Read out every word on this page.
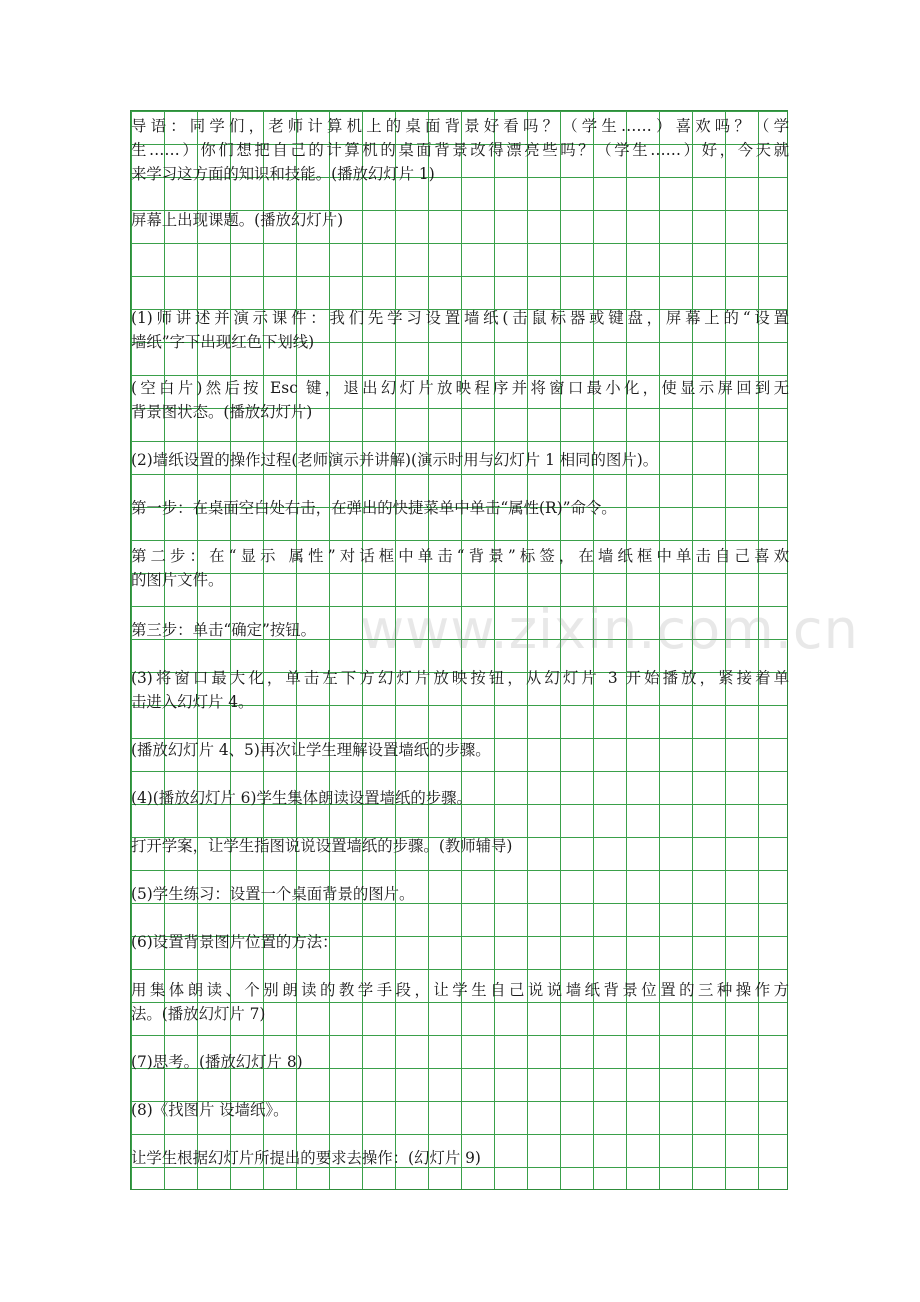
导语：同学们，老师计算机上的桌面背景好看吗？（学生……）喜欢吗？（学
生……）你们想把自己的计算机的桌面背景改得漂亮些吗？（学生……）好，今天就
来学习这方面的知识和技能。(播放幻灯片 1)
屏幕上出现课题。(播放幻灯片)
(1)师讲述并演示课件：我们先学习设置墙纸(击鼠标器或键盘，屏幕上的“设置
墙纸”字下出现红色下划线)
(空白片)然后按 Esc 键，退出幻灯片放映程序并将窗口最小化，使显示屏回到无
背景图状态。(播放幻灯片)
(2)墙纸设置的操作过程(老师演示并讲解)(演示时用与幻灯片 1 相同的图片)。
第一步：在桌面空白处右击，在弹出的快捷菜单中单击“属性(R)”命令。
第二步：在“显示 属性”对话框中单击“背景”标签，在墙纸框中单击自己喜欢
的图片文件。
第三步：单击“确定”按钮。
(3)将窗口最大化，单击左下方幻灯片放映按钮，从幻灯片 3 开始播放，紧接着单
击进入幻灯片 4。
(播放幻灯片 4、5)再次让学生理解设置墙纸的步骤。
(4)(播放幻灯片 6)学生集体朗读设置墙纸的步骤。
打开学案，让学生指图说说设置墙纸的步骤。(教师辅导)
(5)学生练习：设置一个桌面背景的图片。
(6)设置背景图片位置的方法：
用集体朗读、个别朗读的教学手段，让学生自己说说墙纸背景位置的三种操作方
法。(播放幻灯片 7)
(7)思考。(播放幻灯片 8)
(8)《找图片 设墙纸》。
让学生根据幻灯片所提出的要求去操作：(幻灯片 9)
www.zixin.com.cn
